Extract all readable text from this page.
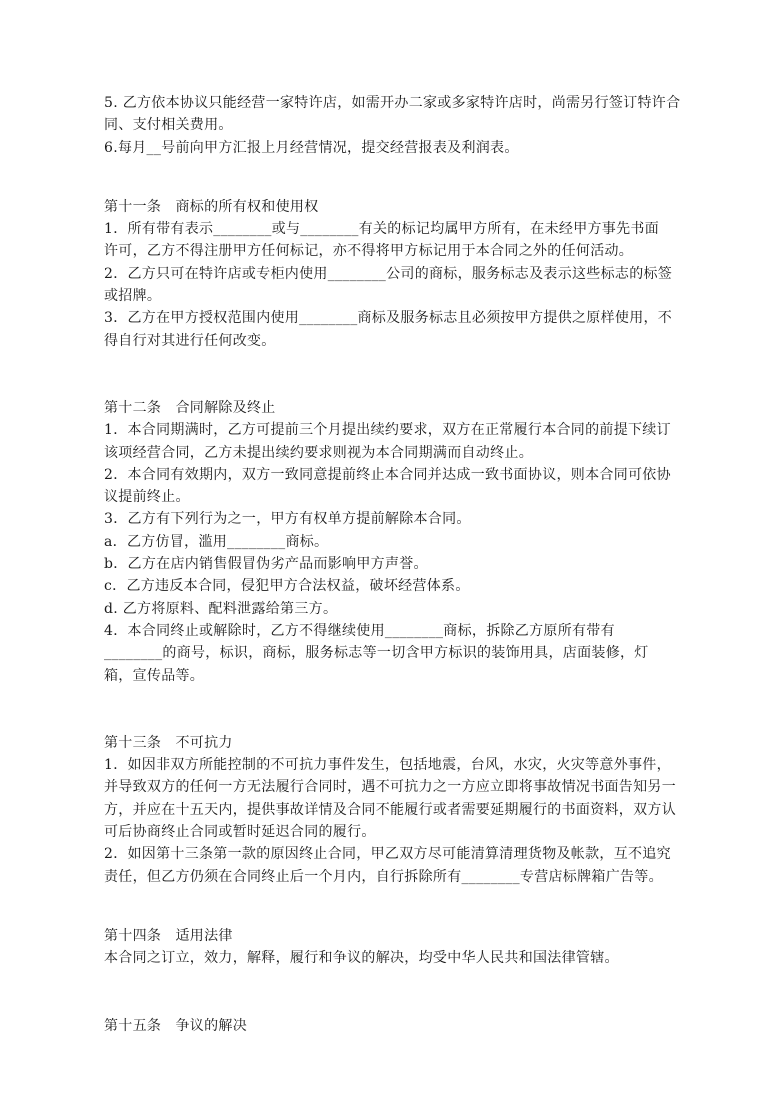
5. 乙方依本协议只能经营一家特许店，如需开办二家或多家特许店时，尚需另行签订特许合
同、支付相关费用。
6.每月__号前向甲方汇报上月经营情况，提交经营报表及利润表。
第十一条　商标的所有权和使用权
1．所有带有表示________或与________有关的标记均属甲方所有，在未经甲方事先书面
许可，乙方不得注册甲方任何标记，亦不得将甲方标记用于本合同之外的任何活动。
2．乙方只可在特许店或专柜内使用________公司的商标，服务标志及表示这些标志的标签
或招牌。
3．乙方在甲方授权范围内使用________商标及服务标志且必须按甲方提供之原样使用，不
得自行对其进行任何改变。
第十二条　合同解除及终止
1．本合同期满时，乙方可提前三个月提出续约要求，双方在正常履行本合同的前提下续订
该项经营合同，乙方未提出续约要求则视为本合同期满而自动终止。
2．本合同有效期内，双方一致同意提前终止本合同并达成一致书面协议，则本合同可依协
议提前终止。
3．乙方有下列行为之一，甲方有权单方提前解除本合同。
a．乙方仿冒，滥用________商标。
b．乙方在店内销售假冒伪劣产品而影响甲方声誉。
c．乙方违反本合同，侵犯甲方合法权益，破坏经营体系。
d. 乙方将原料、配料泄露给第三方。
4．本合同终止或解除时，乙方不得继续使用________商标，拆除乙方原所有带有
________的商号，标识，商标，服务标志等一切含甲方标识的装饰用具，店面装修，灯
箱，宣传品等。
第十三条　不可抗力
1．如因非双方所能控制的不可抗力事件发生，包括地震，台风，水灾，火灾等意外事件，
并导致双方的任何一方无法履行合同时，遇不可抗力之一方应立即将事故情况书面告知另一
方，并应在十五天内，提供事故详情及合同不能履行或者需要延期履行的书面资料，双方认
可后协商终止合同或暂时延迟合同的履行。
2．如因第十三条第一款的原因终止合同，甲乙双方尽可能清算清理货物及帐款，互不追究
责任，但乙方仍须在合同终止后一个月内，自行拆除所有________专营店标牌箱广告等。
第十四条　适用法律
本合同之订立，效力，解释，履行和争议的解决，均受中华人民共和国法律管辖。
第十五条　争议的解决
